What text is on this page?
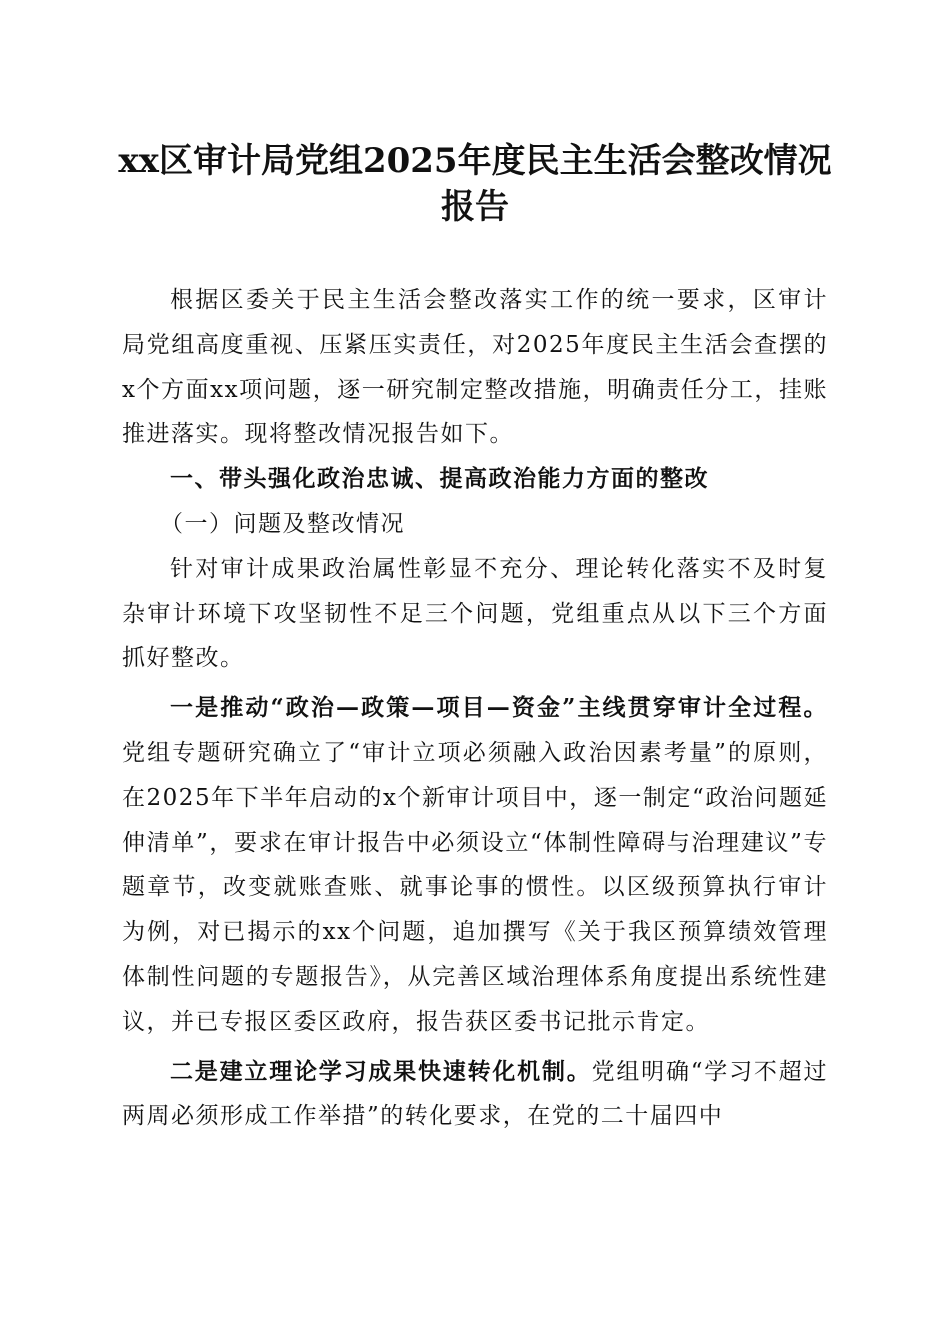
xx区审计局党组2025年度民主生活会整改情况报告

根据区委关于民主生活会整改落实工作的统一要求，区审计局党组高度重视、压紧压实责任，对2025年度民主生活会查摆的x个方面xx项问题，逐一研究制定整改措施，明确责任分工，挂账推进落实。现将整改情况报告如下。

一、带头强化政治忠诚、提高政治能力方面的整改

（一）问题及整改情况

针对审计成果政治属性彰显不充分、理论转化落实不及时复杂审计环境下攻坚韧性不足三个问题，党组重点从以下三个方面抓好整改。

一是推动“政治—政策—项目—资金”主线贯穿审计全过程。党组专题研究确立了“审计立项必须融入政治因素考量”的原则，在2025年下半年启动的x个新审计项目中，逐一制定“政治问题延伸清单”，要求在审计报告中必须设立“体制性障碍与治理建议”专题章节，改变就账查账、就事论事的惯性。以区级预算执行审计为例，对已揭示的xx个问题，追加撰写《关于我区预算绩效管理体制性问题的专题报告》，从完善区域治理体系角度提出系统性建议，并已专报区委区政府，报告获区委书记批示肯定。

二是建立理论学习成果快速转化机制。党组明确“学习不超过两周必须形成工作举措”的转化要求，在党的二十届四中
